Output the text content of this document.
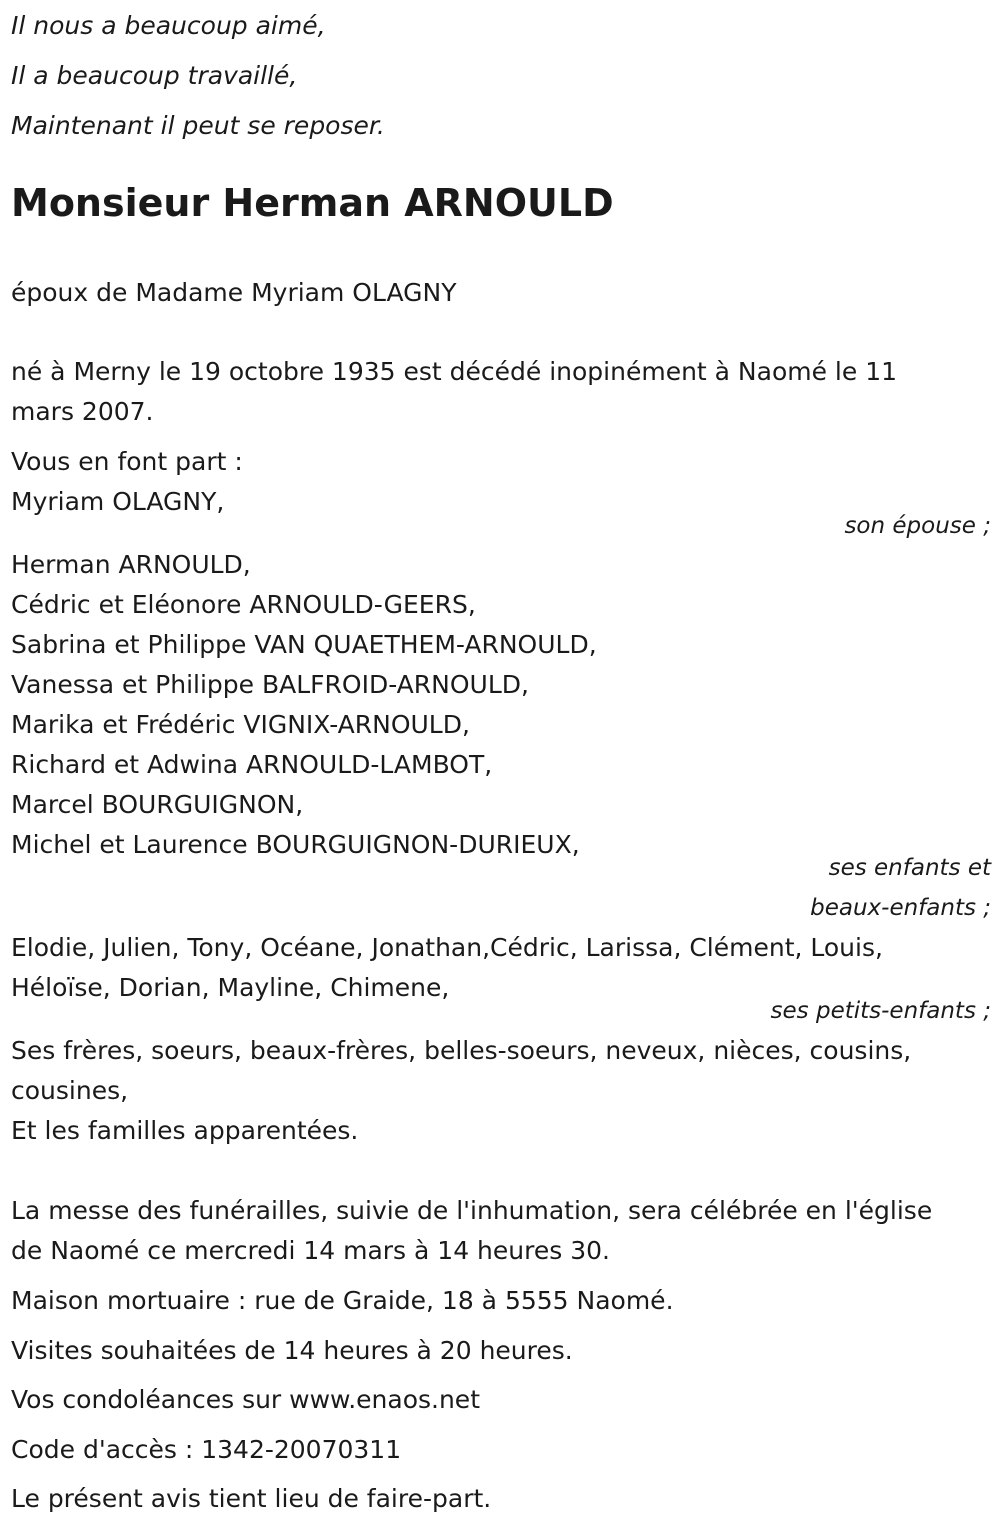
Il nous a beaucoup aimé,

Il a beaucoup travaillé,

Maintenant il peut se reposer.

Monsieur Herman ARNOULD

époux de Madame Myriam OLAGNY

né à Merny le 19 octobre 1935 est décédé inopinément à Naomé le 11

mars 2007.

Vous en font part :

Myriam OLAGNY,

son épouse ;

Herman ARNOULD,

Cédric et Eléonore ARNOULD-GEERS,

Sabrina et Philippe VAN QUAETHEM-ARNOULD,

Vanessa et Philippe BALFROID-ARNOULD,

Marika et Frédéric VIGNIX-ARNOULD,

Richard et Adwina ARNOULD-LAMBOT,

Marcel BOURGUIGNON,

Michel et Laurence BOURGUIGNON-DURIEUX,

ses enfants et

beaux-enfants ;

Elodie, Julien, Tony, Océane, Jonathan,Cédric, Larissa, Clément, Louis,

Héloïse, Dorian, Mayline, Chimene,

ses petits-enfants ;

Ses frères, soeurs, beaux-frères, belles-soeurs, neveux, nièces, cousins,

cousines,

Et les familles apparentées.

La messe des funérailles, suivie de l'inhumation, sera célébrée en l'église

de Naomé ce mercredi 14 mars à 14 heures 30.

Maison mortuaire : rue de Graide, 18 à 5555 Naomé.

Visites souhaitées de 14 heures à 20 heures.

Vos condoléances sur www.enaos.net

Code d'accès : 1342-20070311

Le présent avis tient lieu de faire-part.
